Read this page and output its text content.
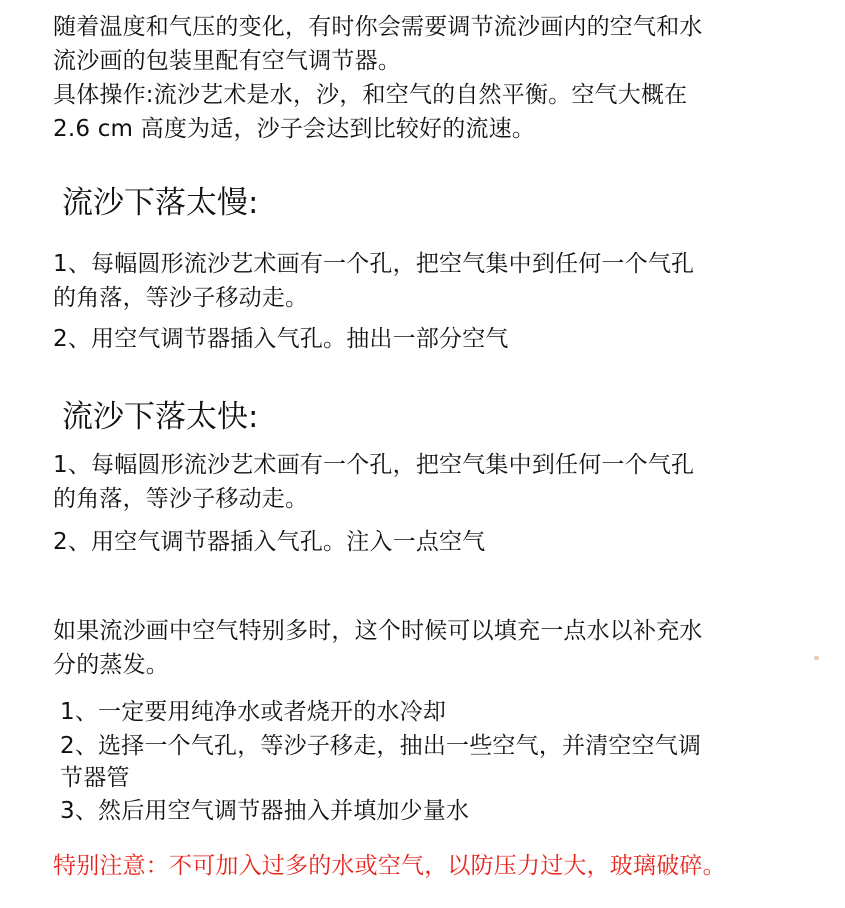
随着温度和气压的变化，有时你会需要调节流沙画内的空气和水
流沙画的包装里配有空气调节器。
具体操作:流沙艺术是水，沙，和空气的自然平衡。空气大概在
2.6 cm 高度为适，沙子会达到比较好的流速。
流沙下落太慢:
1、每幅圆形流沙艺术画有一个孔，把空气集中到任何一个气孔
的角落，等沙子移动走。
2、用空气调节器插入气孔。抽出一部分空气
流沙下落太快:
1、每幅圆形流沙艺术画有一个孔，把空气集中到任何一个气孔
的角落，等沙子移动走。
2、用空气调节器插入气孔。注入一点空气
如果流沙画中空气特别多时，这个时候可以填充一点水以补充水
分的蒸发。
1、一定要用纯净水或者烧开的水冷却
2、选择一个气孔，等沙子移走，抽出一些空气，并清空空气调
节器管
3、然后用空气调节器抽入并填加少量水
特别注意：不可加入过多的水或空气，以防压力过大，玻璃破碎。
